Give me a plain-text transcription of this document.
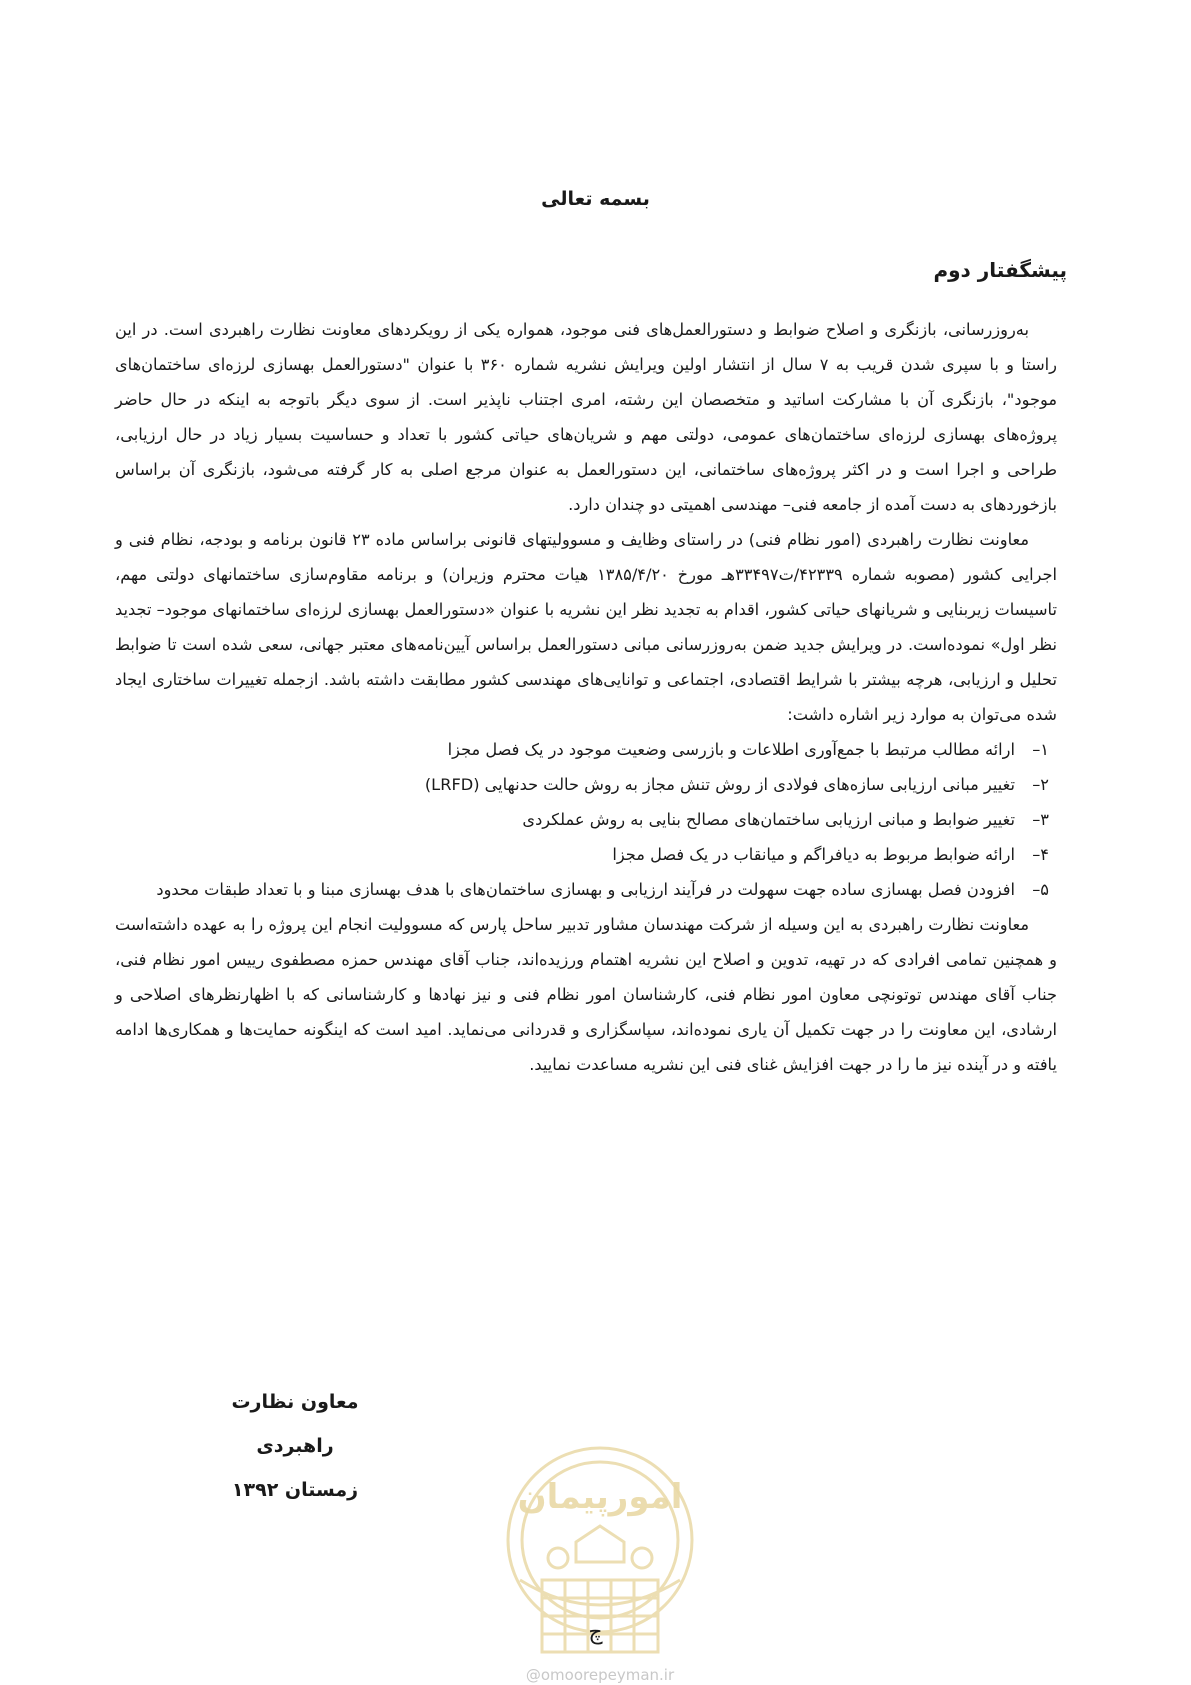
بسمه تعالی
پیشگفتار دوم

به‌روزرسانی، بازنگری و اصلاح ضوابط و دستورالعمل‌های فنی موجود، همواره یکی از رویکردهای معاونت نظارت راهبردی است. در این راستا و با سپری شدن قریب به ۷ سال از انتشار اولین ویرایش نشریه شماره ۳۶۰ با عنوان "دستورالعمل بهسازی لرزه‌ای ساختمان‌های موجود"، بازنگری آن با مشارکت اساتید و متخصصان این رشته، امری اجتناب ناپذیر است. از سوی دیگر باتوجه به اینکه در حال حاضر پروژه‌های بهسازی لرزه‌ای ساختمان‌های عمومی، دولتی مهم و شریان‌های حیاتی کشور با تعداد و حساسیت بسیار زیاد در حال ارزیابی، طراحی و اجرا است و در اکثر پروژه‌های ساختمانی، این دستورالعمل به عنوان مرجع اصلی به کار گرفته می‌شود، بازنگری آن براساس بازخوردهای به دست آمده از جامعه فنی– مهندسی اهمیتی دو چندان دارد.

معاونت نظارت راهبردی (امور نظام فنی) در راستای وظایف و مسوولیتهای قانونی براساس ماده ۲۳ قانون برنامه و بودجه، نظام فنی و اجرایی کشور (مصوبه شماره ۴۲۳۳۹/ت۳۳۴۹۷هـ مورخ ۱۳۸۵/۴/۲۰ هیات محترم وزیران) و برنامه مقاوم‌سازی ساختمانهای دولتی مهم، تاسیسات زیربنایی و شریانهای حیاتی کشور، اقدام به تجدید نظر این نشریه با عنوان «دستورالعمل بهسازی لرزه‌ای ساختمانهای موجود– تجدید نظر اول» نموده‌است. در ویرایش جدید ضمن به‌روزرسانی مبانی دستورالعمل براساس آیین‌نامه‌های معتبر جهانی، سعی شده است تا ضوابط تحلیل و ارزیابی، هرچه بیشتر با شرایط اقتصادی، اجتماعی و توانایی‌های مهندسی کشور مطابقت داشته باشد. ازجمله تغییرات ساختاری ایجاد شده می‌توان به موارد زیر اشاره داشت:

۱–
ارائه مطالب مرتبط با جمع‌آوری اطلاعات و بازرسی وضعیت موجود در یک فصل مجزا
۲–
تغییر مبانی ارزیابی سازه‌های فولادی از روش تنش مجاز به روش حالت حدنهایی (LRFD)
۳–
تغییر ضوابط و مبانی ارزیابی ساختمان‌های مصالح بنایی به روش عملکردی
۴–
ارائه ضوابط مربوط به دیافراگم و میانقاب در یک فصل مجزا
۵–
افزودن فصل بهسازی ساده جهت سهولت در فرآیند ارزیابی و بهسازی ساختمان‌های با هدف بهسازی مبنا و با تعداد طبقات محدود

معاونت نظارت راهبردی به این وسیله از شرکت مهندسان مشاور تدبیر ساحل پارس که مسوولیت انجام این پروژه را به عهده داشته‌است و همچنین تمامی افرادی که در تهیه، تدوین و اصلاح این نشریه اهتمام ورزیده‌اند، جناب آقای مهندس حمزه مصطفوی رییس امور نظام فنی، جناب آقای مهندس توتونچی معاون امور نظام فنی، کارشناسان امور نظام فنی و نیز نهادها و کارشناسانی که با اظهارنظرهای اصلاحی و ارشادی، این معاونت را در جهت تکمیل آن یاری نموده‌اند، سپاسگزاری و قدردانی می‌نماید. امید است که اینگونه حمایت‌ها و همکاری‌ها ادامه یافته و در آینده نیز ما را در جهت افزایش غنای فنی این نشریه مساعدت نمایید.

معاون نظارت راهبردی
زمستان ۱۳۹۲	امورپیمان
@omoorepeyman.ir
چ
